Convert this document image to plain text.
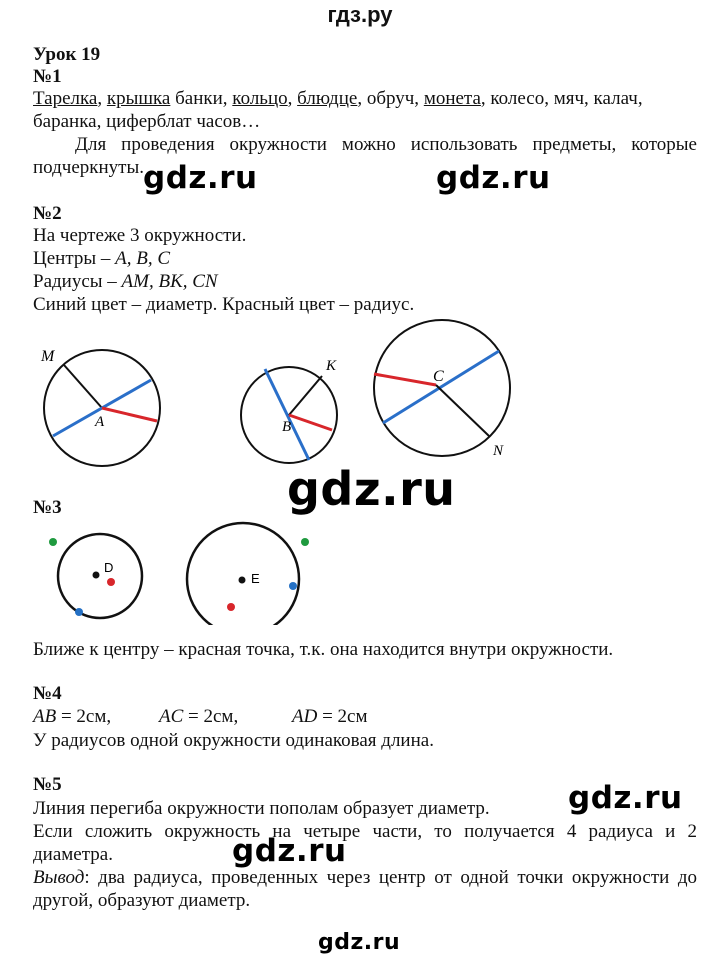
гдз.ру
Урок 19
№1
Тарелка, крышка банки, кольцо, блюдце, обруч, монета, колесо, мяч, калач,
баранка, циферблат часов…
Для проведения окружности можно использовать предметы, которые подчеркнуты. gdz.ru	gdz.ru
№2
На чертеже 3 окружности.
Центры – A, B, C
Радиусы – AM, BK, CN
Синий цвет – диаметр. Красный цвет – радиус.
M
A
K
B
C
N
gdz.ru
№3
D
E
Ближе к центру – красная точка, т.к. она находится внутри окружности.
№4
AB = 2см,	AC = 2см,	AD = 2см
У радиусов одной окружности одинаковая длина.
№5
Линия перегиба окружности пополам образует диаметр.	gdz.ru
Если сложить окружность на четыре части, то получается 4 радиуса и 2 диаметра.	gdz.ru
Вывод: два радиуса, проведенных через центр от одной точки окружности до другой, образуют диаметр.
gdz.ru
